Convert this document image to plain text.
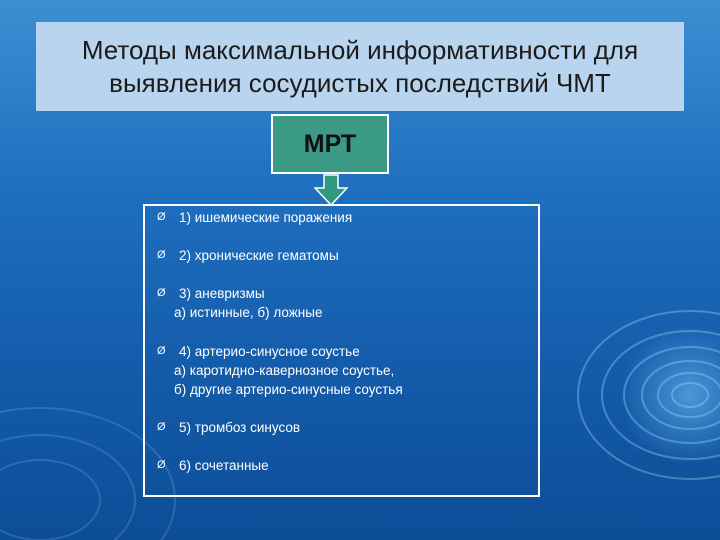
Методы максимальной информативности для
выявления сосудистых последствий ЧМТ
МРТ
Ø 1) ишемические поражения
Ø 2) хронические гематомы
Ø 3) аневризмы
а) истинные, б) ложные
Ø 4) артерио-синусное соустье
а) каротидно-кавернозное соустье,
б) другие артерио-синусные соустья
Ø 5) тромбоз синусов
Ø 6) сочетанные
